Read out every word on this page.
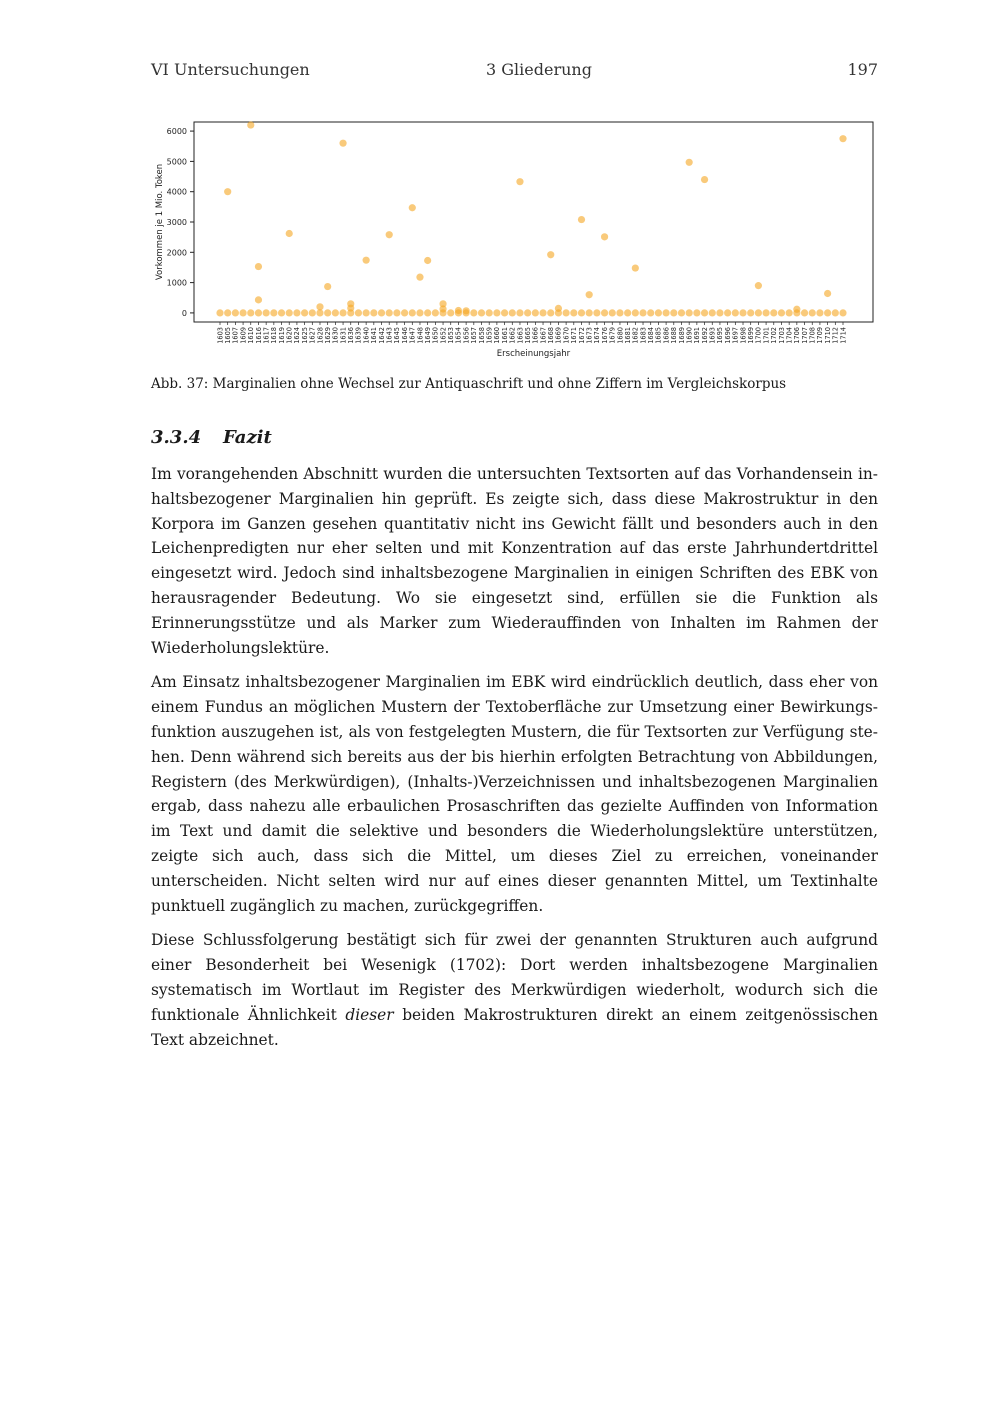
VI Untersuchungen	3 Gliederung	197
0
1000
2000
3000
4000
5000
6000
1603 1605 1607 1609 1610 1616 1617 1618 1619 1620 1624 1625 1627 1628 1629 1630 1631 1636 1639 1640 1641 1642 1643 1645 1646 1647 1648 1649 1650 1652 1653 1654 1656 1657 1658 1659 1660 1661 1662 1663 1665 1666 1667 1668 1669 1670 1671 1672 1673 1674 1676 1679 1680 1681 1682 1683 1684 1685 1686 1688 1689 1690 1691 1692 1693 1695 1696 1697 1698 1699 1700 1701 1702 1703 1704 1706 1707 1708 1709 1710 1712 1714
Vorkommen je 1 Mio. Token
Erscheinungsjahr
Abb. 37: Marginalien ohne Wechsel zur Antiquaschrift und ohne Ziffern im Vergleichskorpus
3.3.4 Fazit

Im vorangehenden Abschnitt wurden die untersuchten Textsorten auf das Vorhandensein inhaltsbezogener Marginalien hin geprüft. Es zeigte sich, dass diese Makrostruktur in den Korpora im Ganzen gesehen quantitativ nicht ins Gewicht fällt und besonders auch in den Leichenpredigten nur eher selten und mit Konzentration auf das erste Jahrhundertdrittel eingesetzt wird. Jedoch sind inhaltsbezogene Marginalien in einigen Schriften des EBK von herausragender Bedeutung. Wo sie eingesetzt sind, erfüllen sie die Funktion als Erinnerungsstütze und als Marker zum Wiederauffinden von Inhalten im Rahmen der Wiederholungslektüre.

Am Einsatz inhaltsbezogener Marginalien im EBK wird eindrücklich deutlich, dass eher von einem Fundus an möglichen Mustern der Textoberfläche zur Umsetzung einer Bewirkungsfunktion auszugehen ist, als von festgelegten Mustern, die für Textsorten zur Verfügung stehen. Denn während sich bereits aus der bis hierhin erfolgten Betrachtung von Abbildungen, Registern (des Merkwürdigen), (Inhalts-)Verzeichnissen und inhaltsbezogenen Marginalien ergab, dass nahezu alle erbaulichen Prosaschriften das gezielte Auffinden von Information im Text und damit die selektive und besonders die Wiederholungslektüre unterstützen, zeigte sich auch, dass sich die Mittel, um dieses Ziel zu erreichen, voneinander unterscheiden. Nicht selten wird nur auf eines dieser genannten Mittel, um Textinhalte punktuell zugänglich zu machen, zurückgegriffen.

Diese Schlussfolgerung bestätigt sich für zwei der genannten Strukturen auch aufgrund einer Besonderheit bei Wesenigk (1702): Dort werden inhaltsbezogene Marginalien systematisch im Wortlaut im Register des Merkwürdigen wiederholt, wodurch sich die funktionale Ähnlichkeit dieser beiden Makrostrukturen direkt an einem zeitgenössischen Text abzeichnet.
